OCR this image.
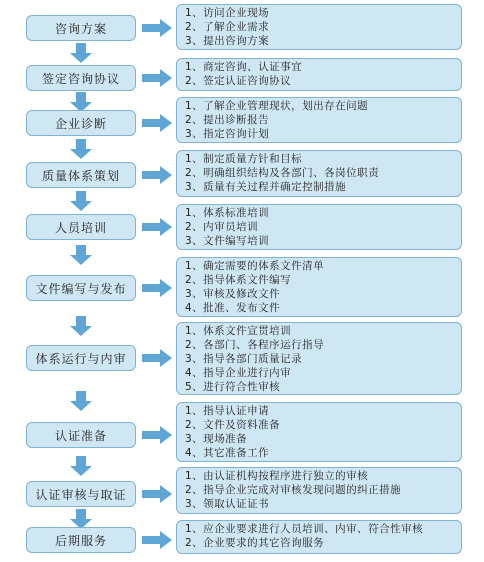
咨询方案
1、访问企业现场
2、了解企业需求
3、提出咨询方案
签定咨询协议
1、商定咨询、认证事宜
2、签定认证咨询协议
企业诊断
1、了解企业管理现状，划出存在问题
2、提出诊断报告
3、指定咨询计划
质量体系策划
1、制定质量方针和目标
2、明确组织结构及各部门、各岗位职责
3、质量有关过程并确定控制措施
人员培训
1、体系标准培训
2、内审员培训
3、文件编写培训
文件编写与发布
1、确定需要的体系文件清单
2、指导体系文件编写
3、审核及修改文件
4、批准、发布文件
体系运行与内审
1、体系文件宣贯培训
2、各部门、各程序运行指导
3、指导各部门质量记录
4、指导企业进行内审
5、进行符合性审核
认证准备
1、指导认证申请
2、文件及资料准备
3、现场准备
4、其它准备工作
认证审核与取证
1、由认证机构按程序进行独立的审核
2、指导企业完成对审核发现问题的纠正措施
3、领取认证证书
后期服务
1、应企业要求进行人员培训、内审、符合性审核
2、企业要求的其它咨询服务
